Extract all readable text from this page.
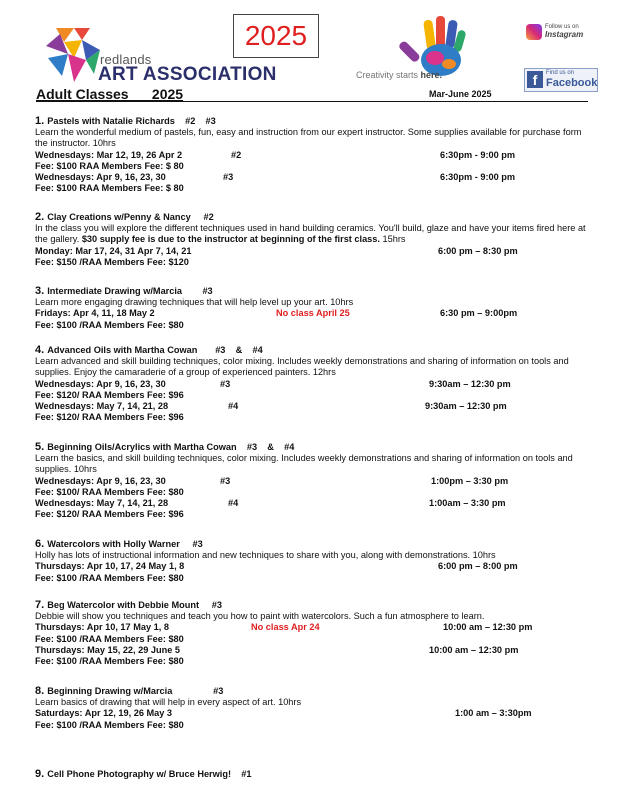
redlands
ART ASSOCIATION
2025
Creativity starts here.
Follow us on
Instagram
f	Find us on
Facebook
Adult Classes      2025	Mar-June 2025
1. Pastels with Natalie Richards    #2    #3
Learn the wonderful medium of pastels, fun, easy and instruction from our expert instructor. Some supplies available for purchase form the instructor. 10hrs
Wednesdays: Mar 12, 19, 26 Apr 2	#2	6:30pm - 9:00 pm
Fee: $100 RAA Members Fee: $ 80
Wednesdays: Apr 9, 16, 23, 30	#3	6:30pm - 9:00 pm
Fee: $100 RAA Members Fee: $ 80
2. Clay Creations w/Penny & Nancy     #2
In the class you will explore the different techniques used in hand building ceramics. You'll build, glaze and have your items fired here at the gallery. $30 supply fee is due to the instructor at beginning of the first class. 15hrs
Monday: Mar 17, 24, 31 Apr 7, 14, 21	6:00 pm – 8:30 pm
Fee: $150 /RAA Members Fee: $120
3. Intermediate Drawing w/Marcia        #3
Learn more engaging drawing techniques that will help level up your art. 10hrs
Fridays: Apr 4, 11, 18 May 2	No class April 25	6:30 pm – 9:00pm
Fee: $100 /RAA Members Fee: $80
4. Advanced Oils with Martha Cowan       #3    &    #4
Learn advanced and skill building techniques, color mixing. Includes weekly demonstrations and sharing of information on tools and supplies. Enjoy the camaraderie of a group of experienced painters. 12hrs
Wednesdays: Apr 9, 16, 23, 30	#3	9:30am – 12:30 pm
Fee: $120/ RAA Members Fee: $96
Wednesdays: May 7, 14, 21, 28	#4	9:30am – 12:30 pm
Fee: $120/ RAA Members Fee: $96
5. Beginning Oils/Acrylics with Martha Cowan    #3    &    #4
Learn the basics, and skill building techniques, color mixing. Includes weekly demonstrations and sharing of information on tools and supplies. 10hrs
Wednesdays: Apr 9, 16, 23, 30	#3	1:00pm – 3:30 pm
Fee: $100/ RAA Members Fee: $80
Wednesdays: May 7, 14, 21, 28	#4	1:00am – 3:30 pm
Fee: $120/ RAA Members Fee: $96
6. Watercolors with Holly Warner     #3
Holly has lots of instructional information and new techniques to share with you, along with demonstrations. 10hrs
Thursdays: Apr 10, 17, 24 May 1, 8	6:00 pm – 8:00 pm
Fee: $100 /RAA Members Fee: $80
7. Beg Watercolor with Debbie Mount     #3
Debbie will show you techniques and teach you how to paint with watercolors. Such a fun atmosphere to learn.
Thursdays: Apr 10, 17 May 1, 8	No class Apr 24	10:00 am – 12:30 pm
Fee: $100 /RAA Members Fee: $80
Thursdays: May 15, 22, 29 June 5	10:00 am – 12:30 pm
Fee: $100 /RAA Members Fee: $80
8. Beginning Drawing w/Marcia                #3
Learn basics of drawing that will help in every aspect of art. 10hrs
Saturdays: Apr 12, 19, 26 May 3	1:00 am – 3:30pm
Fee: $100 /RAA Members Fee: $80
9. Cell Phone Photography w/ Bruce Herwig!    #1
